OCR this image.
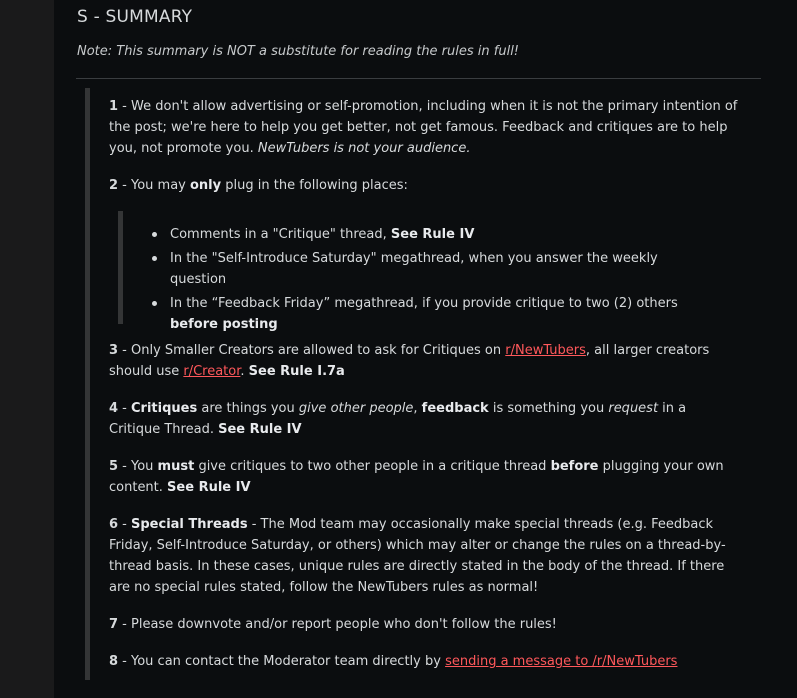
S - SUMMARY
Note: This summary is NOT a substitute for reading the rules in full!
1 - We don't allow advertising or self-promotion, including when it is not the primary intention of the post; we're here to help you get better, not get famous. Feedback and critiques are to help you, not promote you. NewTubers is not your audience.
2 - You may only plug in the following places:
Comments in a "Critique" thread, See Rule IV
In the "Self-Introduce Saturday" megathread, when you answer the weekly question
In the “Feedback Friday” megathread, if you provide critique to two (2) others before posting
3 - Only Smaller Creators are allowed to ask for Critiques on r/NewTubers, all larger creators should use r/Creator. See Rule I.7a
4 - Critiques are things you give other people, feedback is something you request in a Critique Thread. See Rule IV
5 - You must give critiques to two other people in a critique thread before plugging your own content. See Rule IV
6 - Special Threads - The Mod team may occasionally make special threads (e.g. Feedback Friday, Self-Introduce Saturday, or others) which may alter or change the rules on a thread-by-thread basis. In these cases, unique rules are directly stated in the body of the thread. If there are no special rules stated, follow the NewTubers rules as normal!
7 - Please downvote and/or report people who don't follow the rules!
8 - You can contact the Moderator team directly by sending a message to /r/NewTubers
